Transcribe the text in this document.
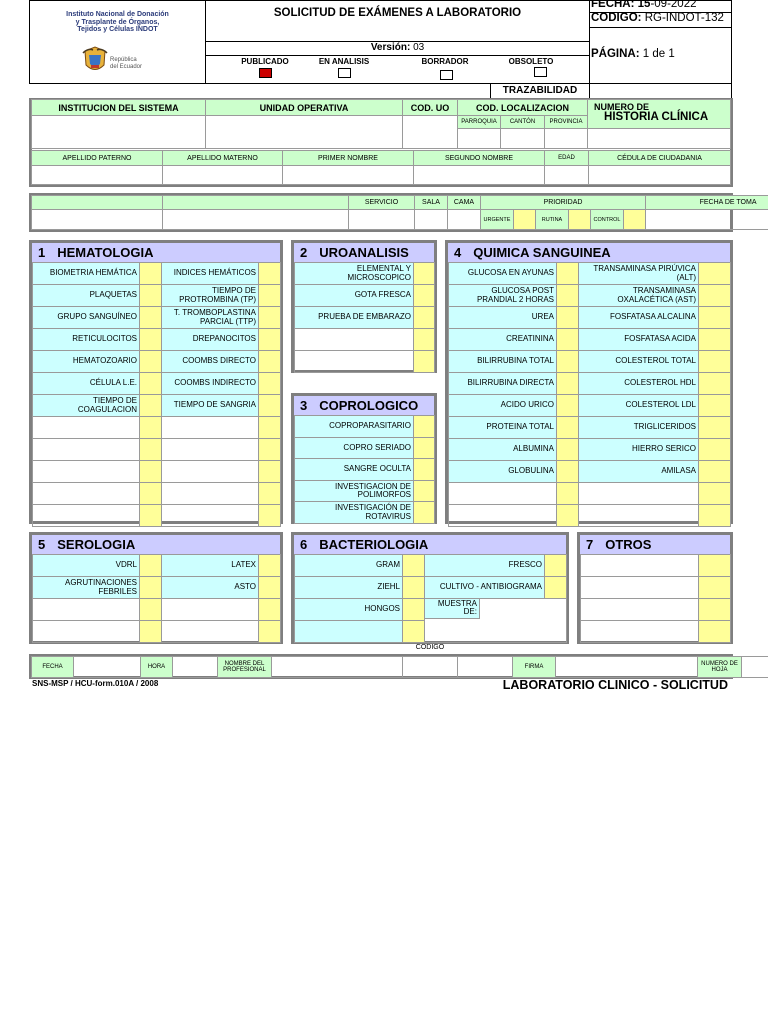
Instituto Nacional de Donación
y Trasplante de Órganos,
Tejidos y Células INDOT
República
del Ecuador
SOLICITUD DE EXÁMENES A LABORATORIO
Versión: 03
PUBLICADO	EN ANALISIS	BORRADOR	OBSOLETO
FECHA: 15-09-2022
CODIGO: RG-INDOT-132
PÁGINA: 1 de 1
TRAZABILIDAD
INSTITUCION DEL SISTEMA	UNIDAD OPERATIVA	COD. UO	COD. LOCALIZACION			NUMERO DE
HISTORIA CLÍNICA

			PARROQUIA	CANTÓN	PROVINCIA	

APELLIDO PATERNO	APELLIDO MATERNO	PRIMER NOMBRE	SEGUNDO NOMBRE	EDAD	CÉDULA DE CIUDADANIA

		SERVICIO	SALA	CAMA	PRIORIDAD						FECHA DE TOMA
					URGENTE		RUTINA		CONTROL		
1 HEMATOLOGIA
BIOMETRIA HEMÁTICA		INDICES HEMÁTICOS	
PLAQUETAS		TIEMPO DE PROTROMBINA (TP)	
GRUPO SANGUÍNEO		T. TROMBOPLASTINA PARCIAL (TTP)	
RETICULOCITOS		DREPANOCITOS	
HEMATOZOARIO		COOMBS DIRECTO	
CÉLULA L.E.		COOMBS INDIRECTO	
TIEMPO DE COAGULACION		TIEMPO DE SANGRIA	

2 UROANALISIS
ELEMENTAL Y MICROSCOPICO	
GOTA FRESCA	
PRUEBA DE EMBARAZO	

3 COPROLOGICO
COPROPARASITARIO	
COPRO SERIADO	
SANGRE OCULTA	
INVESTIGACION DE POLIMORFOS	
INVESTIGACIÓN DE ROTAVIRUS	
4 QUIMICA SANGUINEA
GLUCOSA EN AYUNAS		TRANSAMINASA PIRÚVICA (ALT)	
GLUCOSA POST PRANDIAL 2 HORAS		TRANSAMINASA OXALACÉTICA (AST)	
UREA		FOSFATASA ALCALINA	
CREATININA		FOSFATASA ACIDA	
BILIRRUBINA TOTAL		COLESTEROL TOTAL	
BILIRRUBINA DIRECTA		COLESTEROL HDL	
ACIDO URICO		COLESTEROL LDL	
PROTEINA TOTAL		TRIGLICERIDOS	
ALBUMINA		HIERRO SERICO	
GLOBULINA		AMILASA	

5 SEROLOGIA
VDRL		LATEX	
AGRUTINACIONES FEBRILES		ASTO	

6 BACTERIOLOGIA
GRAM		FRESCO	
ZIEHL		CULTIVO - ANTIBIOGRAMA	
HONGOS		MUESTRA DE:	

7 OTROS

CODIGO
FECHA		HORA		NOMBRE DEL PROFESIONAL				FIRMA		NUMERO DE HOJA	
SNS-MSP / HCU-form.010A / 2008	LABORATORIO CLINICO - SOLICITUD
